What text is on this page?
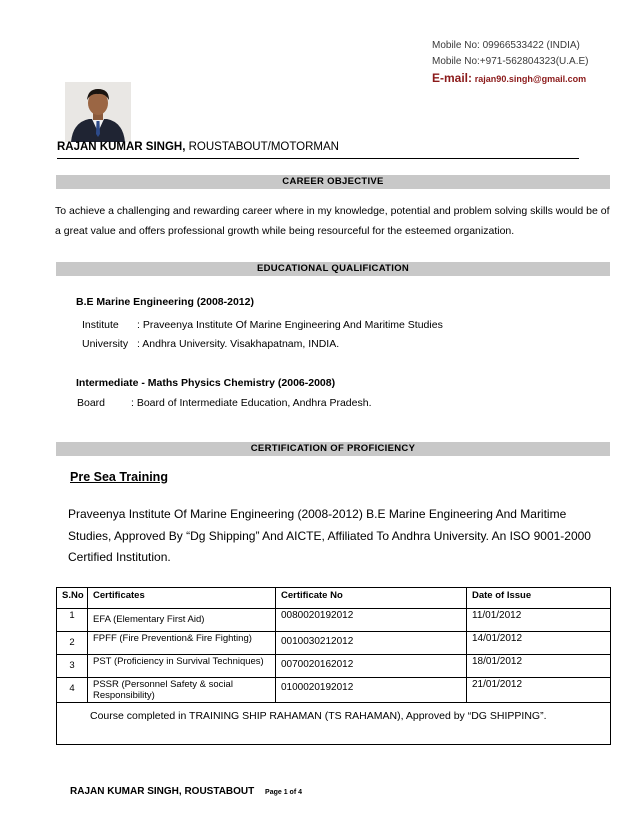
Mobile No: 09966533422 (INDIA)
Mobile No:+971-562804323(U.A.E)
E-mail: rajan90.singh@gmail.com
RAJAN KUMAR SINGH, ROUSTABOUT/MOTORMAN
CAREER OBJECTIVE

To achieve a challenging and rewarding career where in my knowledge, potential and problem solving skills would be of a great value and offers professional growth while being resourceful for the esteemed organization.

EDUCATIONAL QUALIFICATION
B.E Marine Engineering (2008-2012)
Institute : Praveenya Institute Of Marine Engineering And Maritime Studies
University : Andhra University. Visakhapatnam, INDIA.
Intermediate - Maths Physics Chemistry (2006-2008)
Board : Board of Intermediate Education, Andhra Pradesh.
CERTIFICATION OF PROFICIENCY
Pre Sea Training

Praveenya Institute Of Marine Engineering (2008-2012) B.E Marine Engineering And Maritime Studies, Approved By “Dg Shipping” And AICTE, Affiliated To Andhra University. An ISO 9001-2000 Certified Institution.

S.No	Certificates	Certificate No	Date of Issue
1	EFA (Elementary First Aid)	0080020192012	11/01/2012
2	FPFF (Fire Prevention& Fire Fighting)	0010030212012	14/01/2012
3	PST (Proficiency in Survival Techniques)	0070020162012	18/01/2012
4	PSSR (Personnel Safety & social Responsibility)	0100020192012	21/01/2012
Course completed in TRAINING SHIP RAHAMAN (TS RAHAMAN), Approved by “DG SHIPPING”.			
RAJAN KUMAR SINGH, ROUSTABOUT Page 1 of 4
